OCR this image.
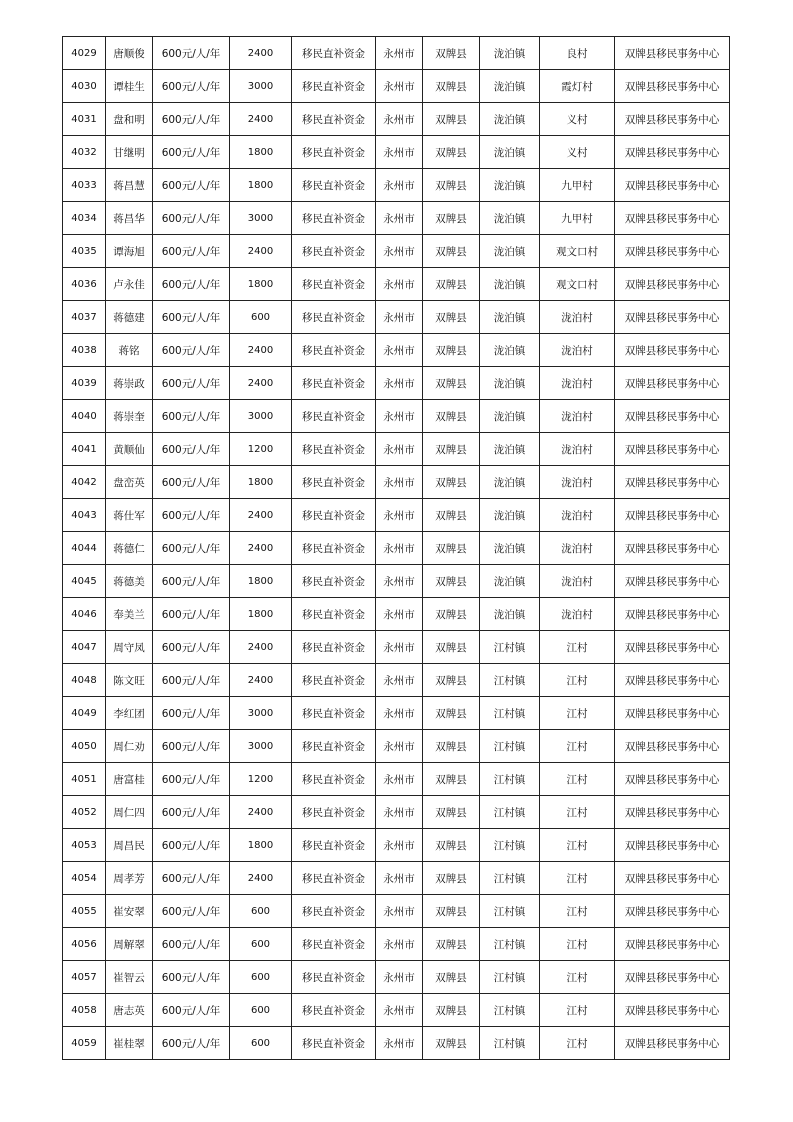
4029	唐顺俊	600元/人/年	2400	移民直补资金	永州市	双牌县	泷泊镇	良村	双牌县移民事务中心
4030	谭桂生	600元/人/年	3000	移民直补资金	永州市	双牌县	泷泊镇	霞灯村	双牌县移民事务中心
4031	盘和明	600元/人/年	2400	移民直补资金	永州市	双牌县	泷泊镇	义村	双牌县移民事务中心
4032	甘继明	600元/人/年	1800	移民直补资金	永州市	双牌县	泷泊镇	义村	双牌县移民事务中心
4033	蒋昌慧	600元/人/年	1800	移民直补资金	永州市	双牌县	泷泊镇	九甲村	双牌县移民事务中心
4034	蒋昌华	600元/人/年	3000	移民直补资金	永州市	双牌县	泷泊镇	九甲村	双牌县移民事务中心
4035	谭海旭	600元/人/年	2400	移民直补资金	永州市	双牌县	泷泊镇	观文口村	双牌县移民事务中心
4036	卢永佳	600元/人/年	1800	移民直补资金	永州市	双牌县	泷泊镇	观文口村	双牌县移民事务中心
4037	蒋德建	600元/人/年	600	移民直补资金	永州市	双牌县	泷泊镇	泷泊村	双牌县移民事务中心
4038	蒋铭	600元/人/年	2400	移民直补资金	永州市	双牌县	泷泊镇	泷泊村	双牌县移民事务中心
4039	蒋崇政	600元/人/年	2400	移民直补资金	永州市	双牌县	泷泊镇	泷泊村	双牌县移民事务中心
4040	蒋崇奎	600元/人/年	3000	移民直补资金	永州市	双牌县	泷泊镇	泷泊村	双牌县移民事务中心
4041	黄顺仙	600元/人/年	1200	移民直补资金	永州市	双牌县	泷泊镇	泷泊村	双牌县移民事务中心
4042	盘峦英	600元/人/年	1800	移民直补资金	永州市	双牌县	泷泊镇	泷泊村	双牌县移民事务中心
4043	蒋仕军	600元/人/年	2400	移民直补资金	永州市	双牌县	泷泊镇	泷泊村	双牌县移民事务中心
4044	蒋德仁	600元/人/年	2400	移民直补资金	永州市	双牌县	泷泊镇	泷泊村	双牌县移民事务中心
4045	蒋德美	600元/人/年	1800	移民直补资金	永州市	双牌县	泷泊镇	泷泊村	双牌县移民事务中心
4046	奉美兰	600元/人/年	1800	移民直补资金	永州市	双牌县	泷泊镇	泷泊村	双牌县移民事务中心
4047	周守凤	600元/人/年	2400	移民直补资金	永州市	双牌县	江村镇	江村	双牌县移民事务中心
4048	陈文旺	600元/人/年	2400	移民直补资金	永州市	双牌县	江村镇	江村	双牌县移民事务中心
4049	李红团	600元/人/年	3000	移民直补资金	永州市	双牌县	江村镇	江村	双牌县移民事务中心
4050	周仁劝	600元/人/年	3000	移民直补资金	永州市	双牌县	江村镇	江村	双牌县移民事务中心
4051	唐富桂	600元/人/年	1200	移民直补资金	永州市	双牌县	江村镇	江村	双牌县移民事务中心
4052	周仁四	600元/人/年	2400	移民直补资金	永州市	双牌县	江村镇	江村	双牌县移民事务中心
4053	周昌民	600元/人/年	1800	移民直补资金	永州市	双牌县	江村镇	江村	双牌县移民事务中心
4054	周孝芳	600元/人/年	2400	移民直补资金	永州市	双牌县	江村镇	江村	双牌县移民事务中心
4055	崔安翠	600元/人/年	600	移民直补资金	永州市	双牌县	江村镇	江村	双牌县移民事务中心
4056	周解翠	600元/人/年	600	移民直补资金	永州市	双牌县	江村镇	江村	双牌县移民事务中心
4057	崔智云	600元/人/年	600	移民直补资金	永州市	双牌县	江村镇	江村	双牌县移民事务中心
4058	唐志英	600元/人/年	600	移民直补资金	永州市	双牌县	江村镇	江村	双牌县移民事务中心
4059	崔桂翠	600元/人/年	600	移民直补资金	永州市	双牌县	江村镇	江村	双牌县移民事务中心
